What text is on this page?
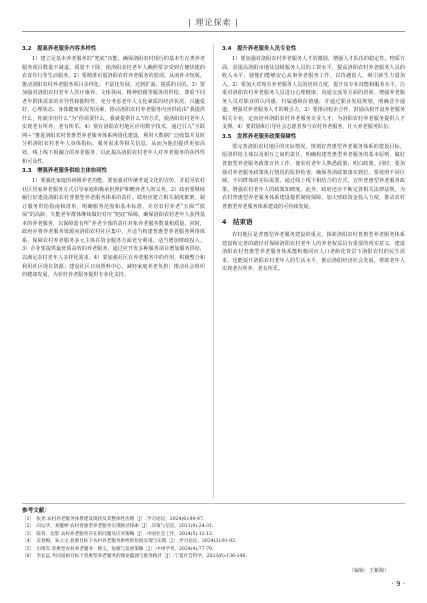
| 理论探索 |
3.2　提高养老服务内容多样性

1）建立足基本养老服务的“兜底”功能，确保洛阳农村现行的基本生存类养老服务项目数量不减退、质量不下降，使洛阳农村老年人赖照常享受到方便快捷的农食住行等生活服务。2）要精准识别洛阳农村养老服务的弱项，从而补齐短板，推动洛阳农村养老服务项目多样化、丰富化发展，达到扩面、提质的目的。3）要加强对洛阳农村老年人医疗康养、文体休闲、精神慰藉等服务的供给，尊重不同老年群体需求的差异性和独特性，充分考虑老年人文化素质的经济状况、兴趣爱好、心理状态、身体健康状况等因素，推动洛阳农村养老服务内容供给由“我提供什么，你就享用什么”为“你需要什么，我就提供什么”的方式，使洛阳农村老年人实现老有所养、老有所乐。4）要在洛阳农村地区应用数字技术，通过引入“互联网＋”推进洛阳农村普惠型养老服务体系网络化建设，利用大数据广泛收集并及时分析洛阳农村老年人身体指标、服务需求等相关信息，从而为他们提供更加高效、线上线下相融合的养老服务，以此提高洛阳农村老年人对养老服务的获得性和可及性。

3.3　增强养老服务供给主体协同性

1）要强化家庭的初级养老功能。要加强对传统孝道文化的宣传，并倡导农村社区居家养老服务方式引导家庭积极承担照护和赡养老人的义务。2）政府要继续履行好建设洛阳农村普惠型养老服务体系的责任。政府应建立相关制度框架，制订服务供给指南和清单，明确服务范围和基本标准，并对农村养老“五保”“低保”的高龄、失能老年群体继续做好对应“兜底”保障，确保洛阳农村老年人获得基本的养老服务，以保障弱有所“养老全体的责任对象养老服务数量和质量。同时，政府应将养老服务资源向洛阳农村社区集中，并适当构建普惠型养老服务网络体系，保障农村养老服务多元主体在资金服务方面充分利用，适当增加财政投入。3）企业要提供最优质高效的养老服务，通过应开发多种服务项目增加服务供给，以满足农村老年人多样化需求。4）要加强社区在养老服务中的作用，积极整合和利用社区现有资源；建设社区日间照料中心，减轻家庭养老负担；推动社会组织的健康发展，为农村养老服务提供专业化支持。

3.4　提升养老服务人员专业性

1）要加强对洛阳农村养老服务人才的激励，增强人才队伍的稳定性。物质方面，需提高洛阳市地及县级服务人员的工资水平，提高洛阳农村养老服务人员的收入水平，使他们能够安心从事养老服务工作。以待遇留人，吸引新生力量加入。2）要加大对现有养老服务人员的培训力度，提升其专业技能和服务水平，注重对洛阳农村养老服务人员进行心理健康、沟通交流等方面的培训，增强养老服务人员对职业的认同感、归属感和价值感，并通过职业发展规划，明确晋升通道，增强对养老服务人才的吸引力。3）要推动校企合作，鼓励高校开设养老服务相关专业，定向培养洛阳农村养老服务专业人才，为洛阳农村养老服务提供人才支撑。4）要鼓励和引导社会志愿者参与农村养老服务，壮大养老服务队伍。

3.5　发挥养老服务政策保障性

要完善洛阳农村地区的实际情况，规划好普惠型养老服务体系的建设目标，厘清供给主体以及相互之间的责任，明确构建普惠型养老服务的基本原则，做好普惠型养老服务政策宣传工作，使农村老年人熟悉政策、明白政策。同时，要加强对养老服务政策执行情况的监督检查，确保各项政策落实到位。要按照不同区域、不同群体的实际需要，通过线上线下相结合的方式，宣传普惠型养老服务政策，增强农村老年人的政策知晓度。此外，政府还应不断完善相关法律法规，为农村普惠型养老服务体系建设提供制度保障，加大财政资金投入力度，推动农村普惠型养老服务体系建设的可持续发展。

4　结束语

农村地区是普惠型养老服务建设的重点，探索洛阳农村普惠型养老服务体系建设和完善的路径对保障洛阳农村老年人的养老权益具有重要的现实意义。建设洛阳农村普惠型养老服务体系能积极回应人口老龄化背景下洛阳农村的民生需求，也能提升洛阳农村老年人的生活水平，推动洛阳经济社会发展，帮助老年人实现老有所养、老有所乐。

参考文献：

［1］　张尧.农村养老服务体系建设现状及其整体性治理［J］.学习论坛，2024(6):90-97.

［2］　向运华，刘靓婷.农村普惠型养老服务实现路径探索［J］.决策与信息，2021(9):24-31.

［3］　陈春，边影.农村养老服务存在的问题及应对策略［J］.中国社会工作，2024(5):11-12.

［4］　吴春梅，朱立文.普惠目标下农村养老服务供给的价值实现与实践［J］.学习论坛，2024(3):91-93.

［5］　白维军.普惠型农村养老服务：释义，短板与发展策略［J］.中州学刊，2024(4):77-79.

［6］　李长远.共同富裕目标下普惠型养老服务的理论蕴涵与推进路径［J］.宁夏社会科学，2023(6):136-146.

（编辑：王紫陶）
· 9 ·
